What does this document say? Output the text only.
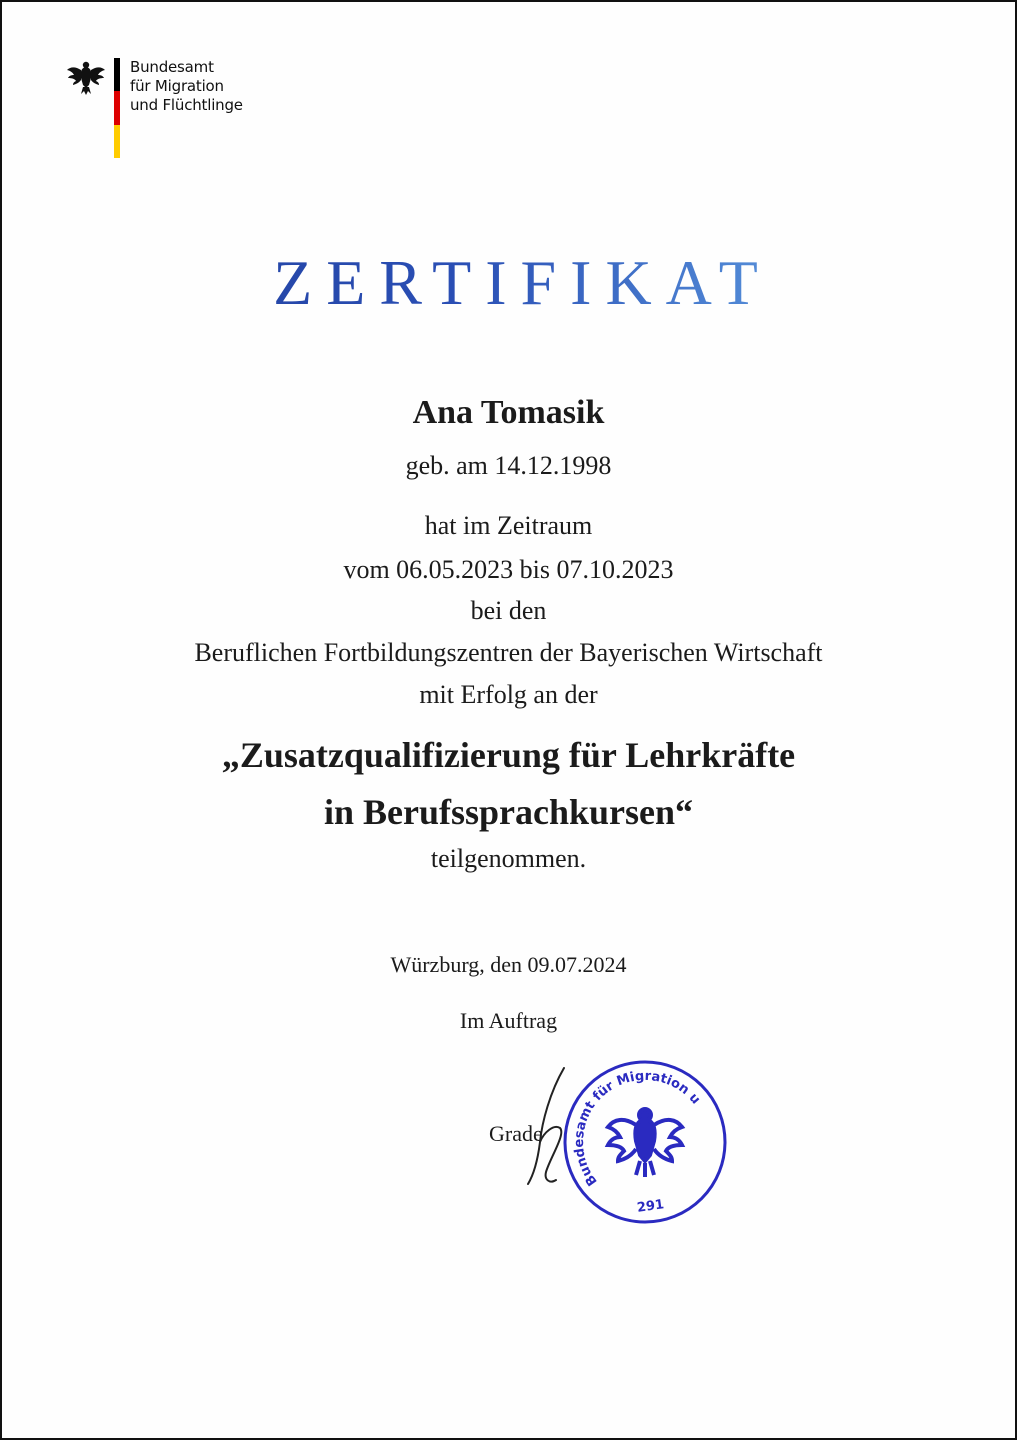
Bundesamt
für Migration
und Flüchtlinge
ZERTIFIKAT
Ana Tomasik
geb. am 14.12.1998
hat im Zeitraum
vom 06.05.2023 bis 07.10.2023
bei den
Beruflichen Fortbildungszentren der Bayerischen Wirtschaft
mit Erfolg an der
„Zusatzqualifizierung für Lehrkräfte
in Berufssprachkursen“
teilgenommen.
Würzburg, den 09.07.2024
Im Auftrag
Grade
Bundesamt für Migration und
291
